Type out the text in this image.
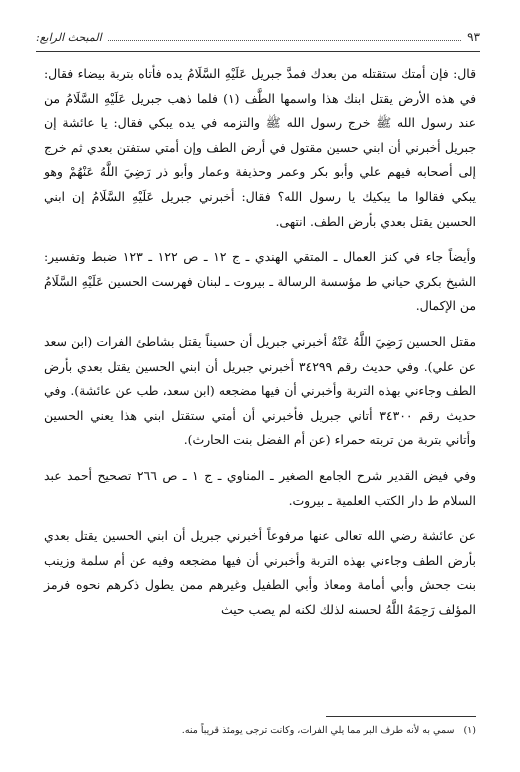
المبحث الرابع:	٩٣

قال: فإن أمتك ستقتله من بعدك فمدَّ جبريل عَلَيْهِ السَّلَامُ يده فأتاه بتربة بيضاء فقال: في هذه الأرض يقتل ابنك هذا واسمها الطَّف (١) فلما ذهب جبريل عَلَيْهِ السَّلَامُ من عند رسول الله ﷺ خرج رسول الله ﷺ والتزمه في يده يبكي فقال: يا عائشة إن جبريل أخبرني أن ابني حسين مقتول في أرض الطف وإن أمتي ستفتن بعدي ثم خرج إلى أصحابه فيهم علي وأبو بكر وعمر وحذيفة وعمار وأبو ذر رَضِيَ اللَّهُ عَنْهُمْ وهو يبكي فقالوا ما يبكيك يا رسول الله؟ فقال: أخبرني جبريل عَلَيْهِ السَّلَامُ إن ابني الحسين يقتل بعدي بأرض الطف. انتهى.

وأيضاً جاء في كنز العمال ـ المتقي الهندي ـ ج ١٢ ـ ص ١٢٢ ـ ١٢٣ ضبط وتفسير: الشيخ بكري حياني ط مؤسسة الرسالة ـ بيروت ـ لبنان فهرست الحسين عَلَيْهِ السَّلَامُ من الإكمال.

مقتل الحسين رَضِيَ اللَّهُ عَنْهُ أخبرني جبريل أن حسيناً يقتل بشاطئ الفرات (ابن سعد عن علي). وفي حديث رقم ٣٤٢٩٩ أخبرني جبريل أن ابني الحسين يقتل بعدي بأرض الطف وجاءني بهذه التربة وأخبرني أن فيها مضجعه (ابن سعد، طب عن عائشة). وفي حديث رقم ٣٤٣٠٠ أتاني جبريل فأخبرني أن أمتي ستقتل ابني هذا يعني الحسين وأتاني بتربة من تربته حمراء (عن أم الفضل بنت الحارث).

وفي فيض القدير شرح الجامع الصغير ـ المناوي ـ ج ١ ـ ص ٢٦٦ تصحيح أحمد عبد السلام ط دار الكتب العلمية ـ بيروت.

عن عائشة رضي الله تعالى عنها مرفوعاً أخبرني جبريل أن ابني الحسين يقتل بعدي بأرض الطف وجاءني بهذه التربة وأخبرني أن فيها مضجعه وفيه عن أم سلمة وزينب بنت جحش وأبي أمامة ومعاذ وأبي الطفيل وغيرهم ممن يطول ذكرهم نحوه فرمز المؤلف رَحِمَهُ اللَّهُ لحسنه لذلك لكنه لم يصب حيث

(١) سمي به لأنه طرف البر مما يلي الفرات، وكانت ترجى يومئذ قريباً منه.
